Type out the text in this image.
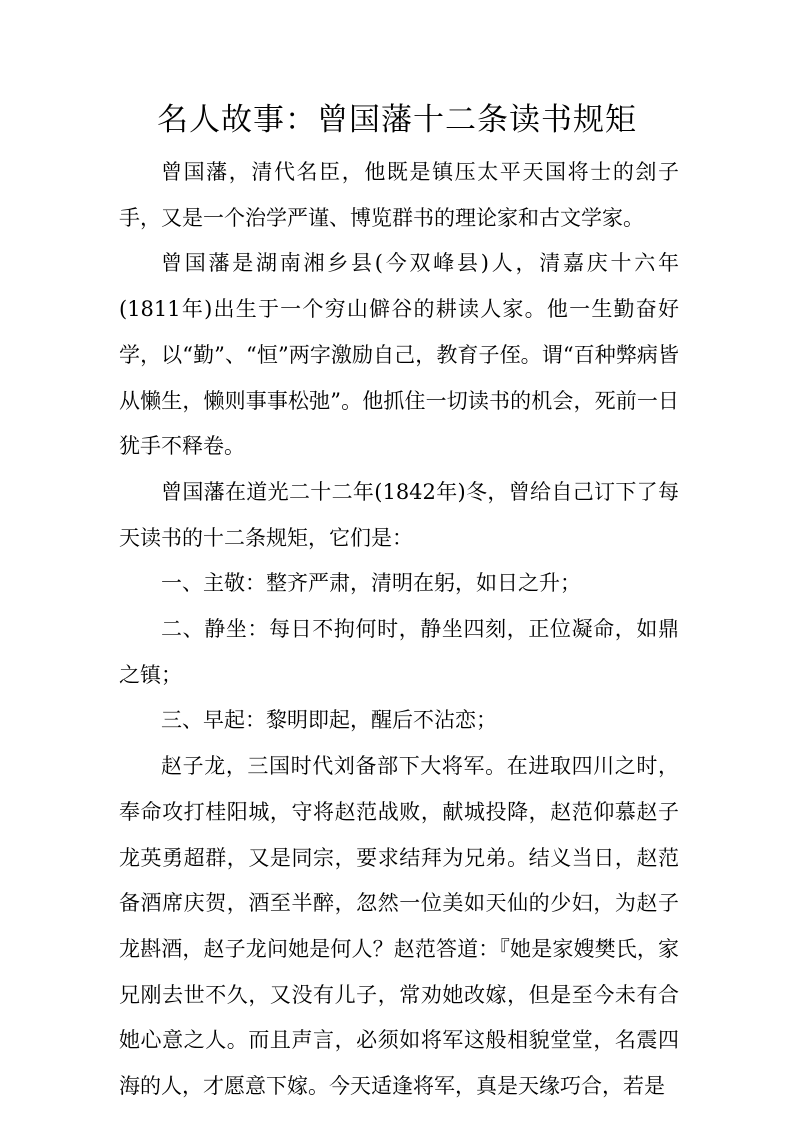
名人故事：曾国藩十二条读书规矩

曾国藩，清代名臣，他既是镇压太平天国将士的刽子手，又是一个治学严谨、博览群书的理论家和古文学家。

曾国藩是湖南湘乡县(今双峰县)人，清嘉庆十六年(1811年)出生于一个穷山僻谷的耕读人家。他一生勤奋好学，以“勤”、“恒”两字激励自己，教育子侄。谓“百种弊病皆从懒生，懒则事事松弛”。他抓住一切读书的机会，死前一日犹手不释卷。

曾国藩在道光二十二年(1842年)冬，曾给自己订下了每天读书的十二条规矩，它们是：

一、主敬：整齐严肃，清明在躬，如日之升；

二、静坐：每日不拘何时，静坐四刻，正位凝命，如鼎之镇；

三、早起：黎明即起，醒后不沾恋；

赵子龙，三国时代刘备部下大将军。在进取四川之时，奉命攻打桂阳城，守将赵范战败，献城投降，赵范仰慕赵子龙英勇超群，又是同宗，要求结拜为兄弟。结义当日，赵范备酒席庆贺，酒至半醉，忽然一位美如天仙的少妇，为赵子龙斟酒，赵子龙问她是何人？赵范答道：『她是家嫂樊氏，家兄刚去世不久，又没有儿子，常劝她改嫁，但是至今未有合她心意之人。而且声言，必须如将军这般相貌堂堂，名震四海的人，才愿意下嫁。今天适逢将军，真是天缘巧合，若是
